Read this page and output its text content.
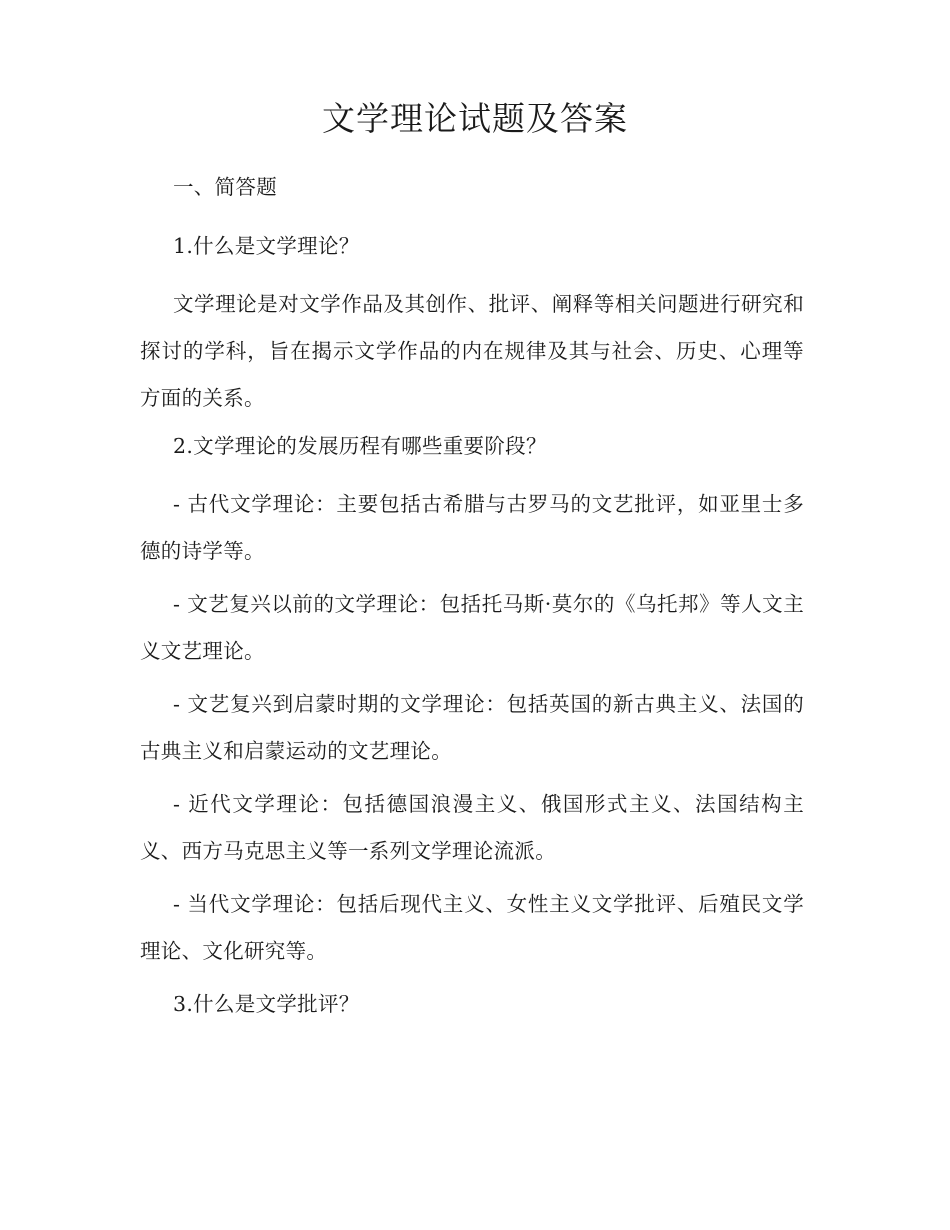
文学理论试题及答案

一、简答题

1.什么是文学理论？

文学理论是对文学作品及其创作、批评、阐释等相关问题进行研究和探讨的学科，旨在揭示文学作品的内在规律及其与社会、历史、心理等方面的关系。

2.文学理论的发展历程有哪些重要阶段？

- 古代文学理论：主要包括古希腊与古罗马的文艺批评，如亚里士多德的诗学等。

- 文艺复兴以前的文学理论：包括托马斯·莫尔的《乌托邦》等人文主义文艺理论。

- 文艺复兴到启蒙时期的文学理论：包括英国的新古典主义、法国的古典主义和启蒙运动的文艺理论。

- 近代文学理论：包括德国浪漫主义、俄国形式主义、法国结构主义、西方马克思主义等一系列文学理论流派。

- 当代文学理论：包括后现代主义、女性主义文学批评、后殖民文学理论、文化研究等。

3.什么是文学批评？
